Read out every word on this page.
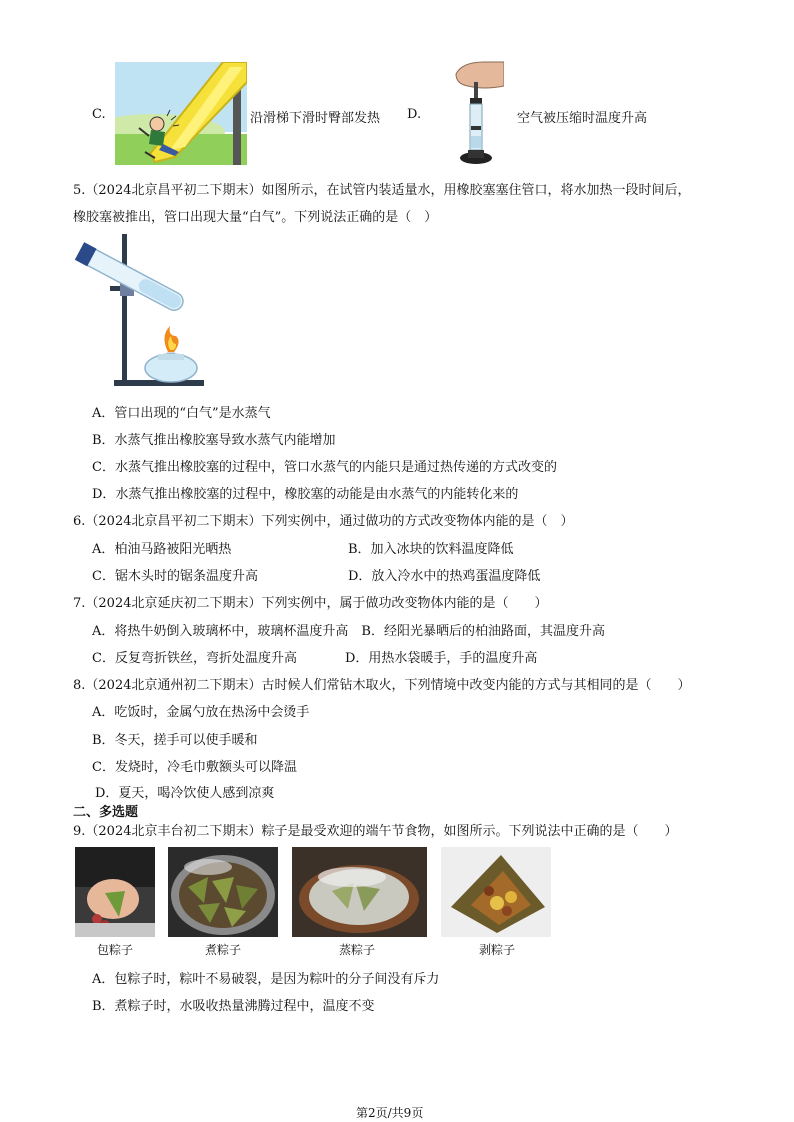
C.	沿滑梯下滑时臀部发热 D.	空气被压缩时温度升高
5.（2024北京昌平初二下期末）如图所示，在试管内装适量水，用橡胶塞塞住管口，将水加热一段时间后，
橡胶塞被推出，管口出现大量“白气”。下列说法正确的是（　）
A．管口出现的“白气”是水蒸气
B．水蒸气推出橡胶塞导致水蒸气内能增加
C．水蒸气推出橡胶塞的过程中，管口水蒸气的内能只是通过热传递的方式改变的
D．水蒸气推出橡胶塞的过程中，橡胶塞的动能是由水蒸气的内能转化来的
6.（2024北京昌平初二下期末）下列实例中，通过做功的方式改变物体内能的是（　）
A．柏油马路被阳光晒热	B．加入冰块的饮料温度降低
C．锯木头时的锯条温度升高	D．放入冷水中的热鸡蛋温度降低
7.（2024北京延庆初二下期末）下列实例中，属于做功改变物体内能的是（　　）
A．将热牛奶倒入玻璃杯中，玻璃杯温度升高　B．经阳光暴晒后的柏油路面，其温度升高
C．反复弯折铁丝，弯折处温度升高	D．用热水袋暖手，手的温度升高
8.（2024北京通州初二下期末）古时候人们常钻木取火，下列情境中改变内能的方式与其相同的是（　　）
A．吃饭时，金属勺放在热汤中会烫手
B．冬天，搓手可以使手暖和
C．发烧时，冷毛巾敷额头可以降温
D．夏天，喝冷饮使人感到凉爽
二、多选题
9.（2024北京丰台初二下期末）粽子是最受欢迎的端午节食物，如图所示。下列说法中正确的是（　　）
包粽子	煮粽子	蒸粽子	剥粽子
A．包粽子时，粽叶不易破裂，是因为粽叶的分子间没有斥力
B．煮粽子时，水吸收热量沸腾过程中，温度不变
第2页/共9页
